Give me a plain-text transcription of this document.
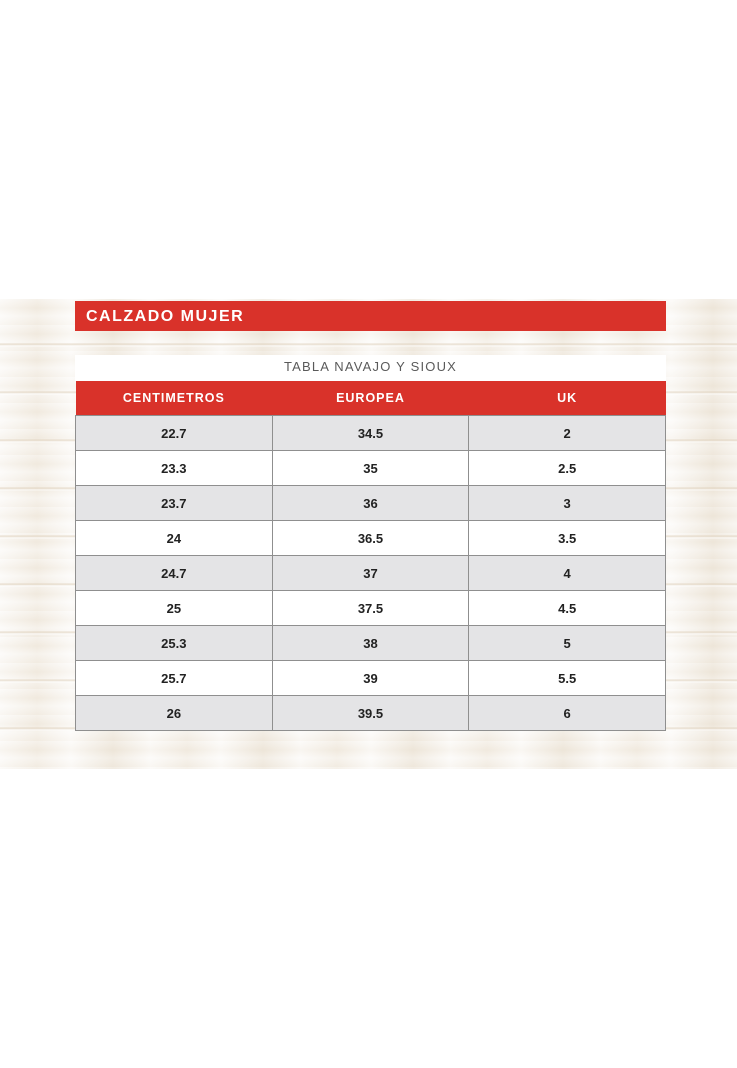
CALZADO MUJER
TABLA NAVAJO Y SIOUX
CENTIMETROS	EUROPEA	UK
22.7	34.5	2
23.3	35	2.5
23.7	36	3
24	36.5	3.5
24.7	37	4
25	37.5	4.5
25.3	38	5
25.7	39	5.5
26	39.5	6
